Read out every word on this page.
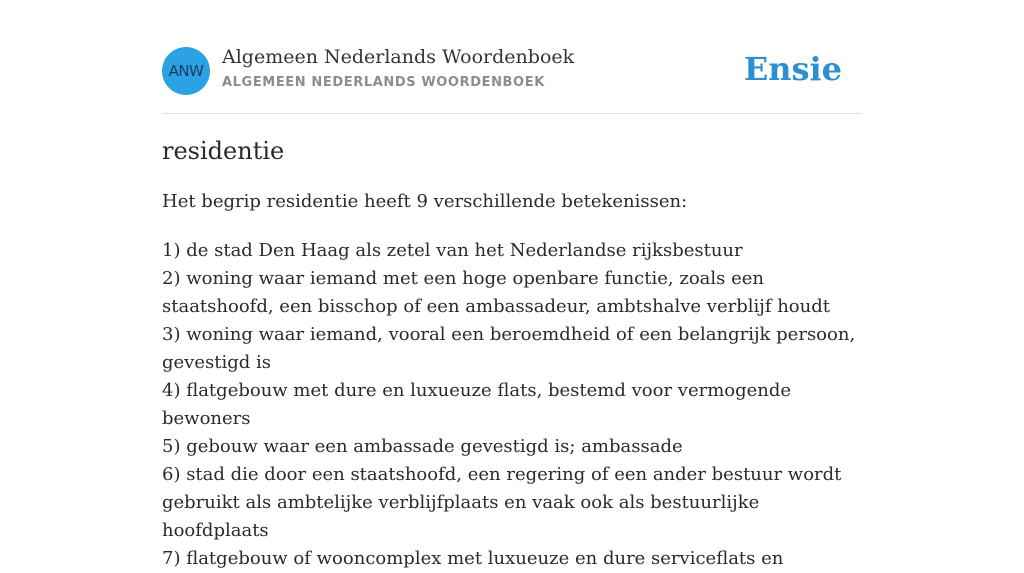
ANW
Algemeen Nederlands Woordenboek
ALGEMEEN NEDERLANDS WOORDENBOEK	Ensie
residentie

Het begrip residentie heeft 9 verschillende betekenissen:

1) de stad Den Haag als zetel van het Nederlandse rijksbestuur
2) woning waar iemand met een hoge openbare functie, zoals een staatshoofd, een bisschop of een ambassadeur, ambtshalve verblijf houdt
3) woning waar iemand, vooral een beroemdheid of een belangrijk persoon, gevestigd is
4) flatgebouw met dure en luxueuze flats, bestemd voor vermogende bewoners
5) gebouw waar een ambassade gevestigd is; ambassade
6) stad die door een staatshoofd, een regering of een ander bestuur wordt gebruikt als ambtelijke verblijfplaats en vaak ook als bestuurlijke hoofdplaats
7) flatgebouw of wooncomplex met luxueuze en dure serviceflats en
